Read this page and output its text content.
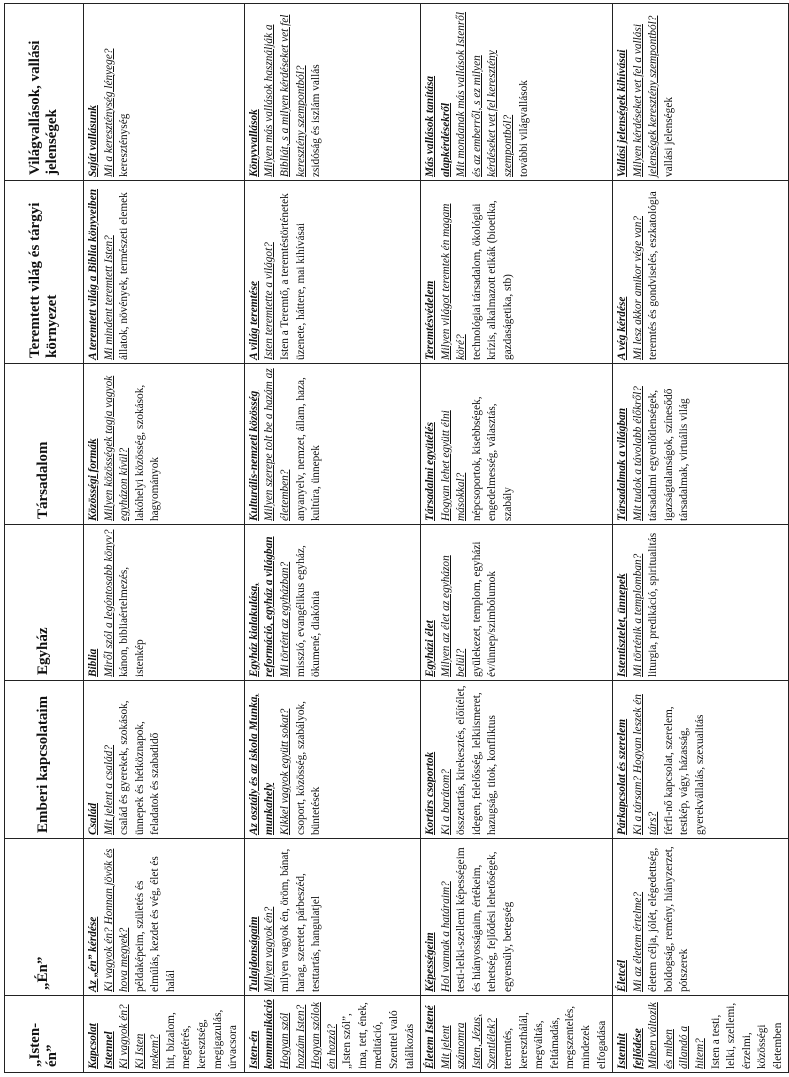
„Isten-én”	„Én”	Emberi kapcsolataim	Egyház	Társadalom	Teremtett világ és tárgyi környezet	Világvallások, vallási jelenségek

Kapcsolat Istennel Ki vagyok én? Ki Isten nekem? hit, bizalom, megtérés, keresztség, megigazulás, úrvacsora	Az „én” kérdése Ki vagyok én? Honnan jövök és hova megyek? példaképeim, születés és elmúlás, kezdet és vég, élet és halál	Család Mit jelent a család? család és gyerekek, szokások, ünnepek és hétköznapok, feladatok és szabadidő	Biblia Miről szól a legóntosabb könyv? kánon, bibliaértelmezés, istenkép	Közösségi formák Milyen közösségek tagja vagyok egyházon kívül? lakóhelyi közösség, szokások, hagyományok	A teremtett világ a Biblia könyveiben Mi mindent teremtett Isten? állatok, növények, természeti elemek	Saját vallásunk Mi a kereszténység lényege? kereszténység

Isten-én kommunikáció Hogyan szól hozzám Isten? Hogyan szólok én hozzá? „Isten szól”, ima, tett, ének, meditáció, Szenttel való találkozás	Tulajdonságaim Milyen vagyok én? milyen vagyok én, öröm, bánat, harag, szeretet, párbeszéd, testtartás, hangulatjel	Az osztály és az iskola Munka, munkahely Kikkel vagyok együtt sokat? csoport, közösség, szabályok, büntetések	Egyház kialakulása, reformáció, egyház a világban Mi történt az egyházban? misszió, evangélikus egyház, ökumené, diakónia	Kulturális-nemzeti közösség Milyen szerepe tolt be a hazám az életemben? anyanyelv, nemzet, állam, haza, kultúra, ünnepek	A világ teremtése Isten teremtette a világot? Isten a Teremtő, a teremtéstörténetek üzenete, háttere, mai kihívásai	Könyvvallások Milyen más vallások használják a Bibliát, s a milyen kérdéseket vet fel keresztény szempontból? zsidóság és iszlám vallás

Életem Istené Mit jelent számomra Isten, Jézus, Szentlélek? teremtés, kereszthálál, megváltás, feltámadás, megszentelés, mindezek elfogadása	Képességeim Hol vannak a határaim? testi-lelki-szellemi képességeim és hiányosságaim, értékeim, tehetség, fejlődési lehetőségek, egyensúly, betegség	Kortárs csoportok Ki a barátom? összetartás, kirekesztés, előítélet, idegen, felelősség, lelkiismeret, hazugság, titok, konfliktus	Egyházi élet Milyen az élet az egyházon belül? gyülekezet, templom, egyházi év/ünnep/szimbólumok	Társadalmi együtélés Hogyan lehet együtt élni másokkal? népcsoportok, kisebbségek, engedelmesség, választás, szabály	Teremtésvédelem Milyen világot teremtek én magam köré? technológiai társadalom, ökológiai krízis, alkalmazott etikák (bioetika, gazdaságetika, stb)	Más vallások tanítása alapkérdésekről Mit mondanak más vallások Istenről és az emberről, s ez milyen kérdéseket vet fel keresztény szempontból? további világvallások

Istenhit fejlődése Miben változik és miben állandó a hitem? Isten a testi, lelki, szellemi, érzelmi, közösségi életemben	Életcél Mi az életem értelme? életem célja, jólét, elégedettség, boldogság, remény, hiányzerzet, pótszerek	Párkapcsolat és szerelem Ki a társam? Hogyan leszek én társ? férfi-nő kapcsolat, szerelem, testkép, vágy, házasság, gyerekvállalás, szexualitás	Istentisztelet, ünnepek Mi történik a templomban? liturgia, predikáció, spiritualitás	Társadalmak a világban Mit tudok a távolabb élőkről? társadalmi egyenlőtlenségek, igazságtalanságok, színesődő társadalmak, virtuális világ	A vég kérdése Mi lesz akkor amikor vége van? teremtés és gondviselés, eszkatológia	Vallási jelenségek kihívásai Milyen kérdéseket vet fel a vallási jelenségek keresztény szempontból? vallási jelenségek
